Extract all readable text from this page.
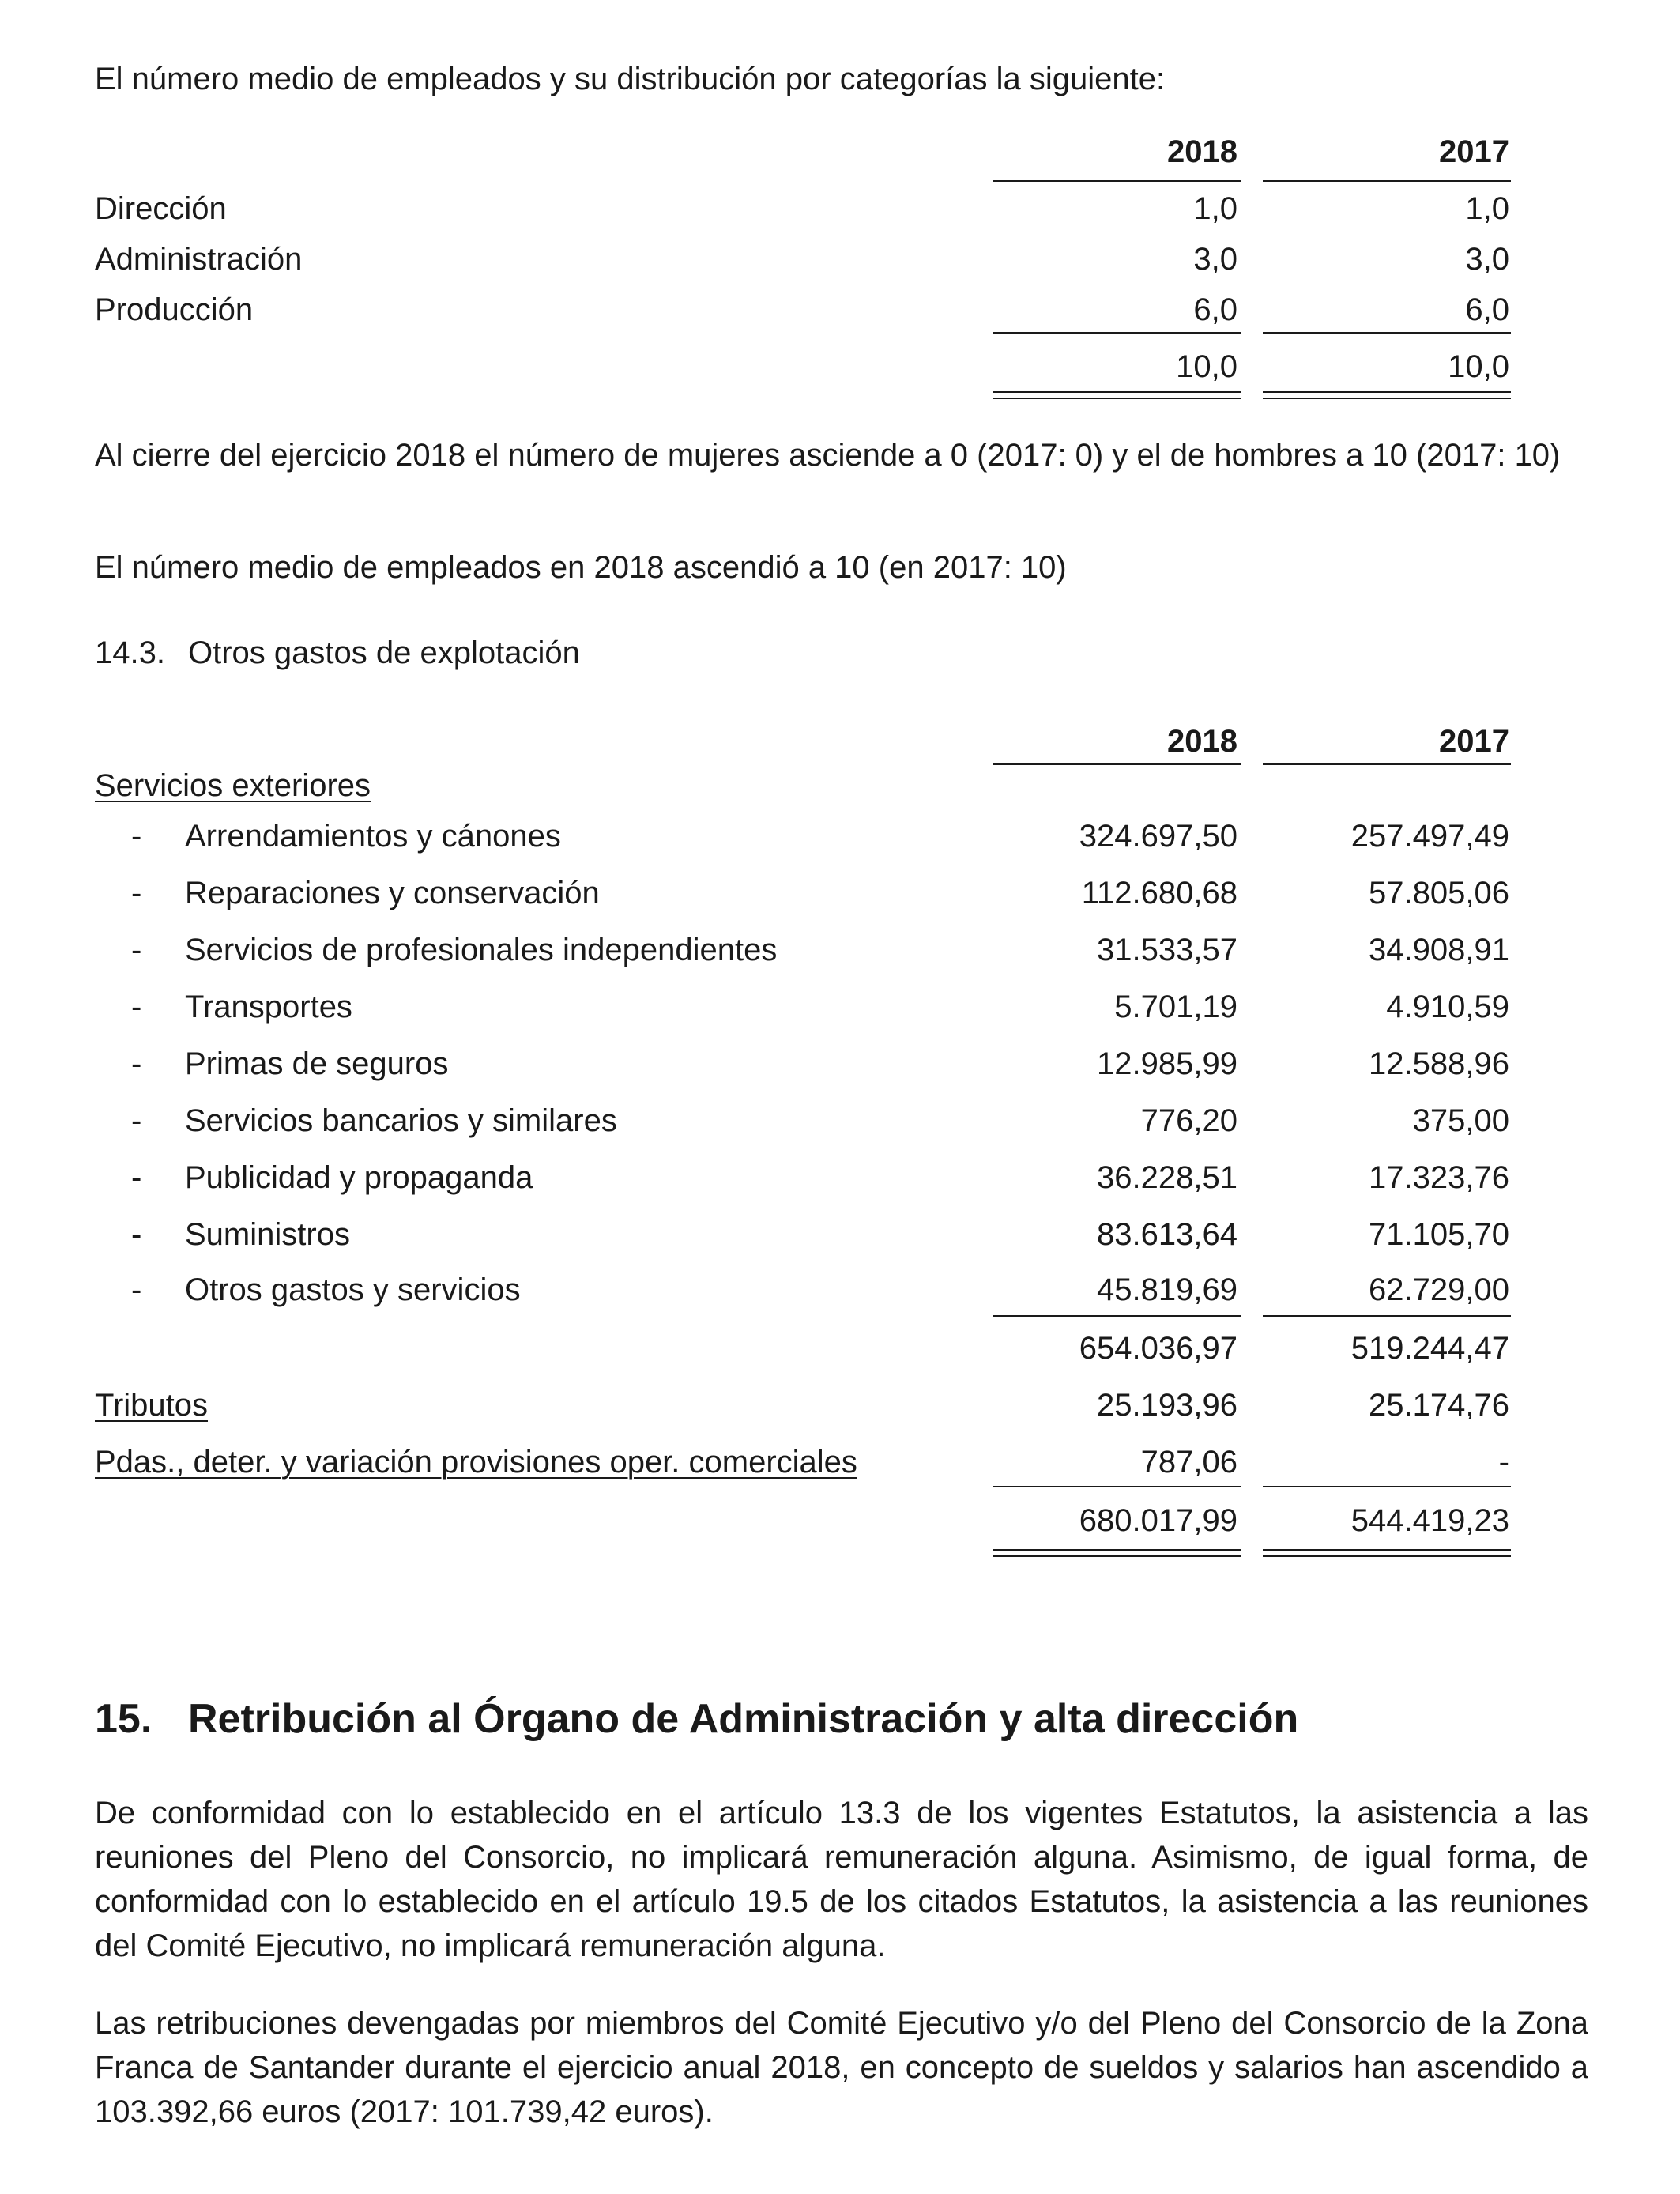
El número medio de empleados y su distribución por categorías la siguiente:

2018	2017
Dirección	1,0	1,0
Administración	3,0	3,0
Producción	6,0	6,0
10,0	10,0

Al cierre del ejercicio 2018 el número de mujeres asciende a 0 (2017: 0) y el de hombres a 10 (2017: 10)

El número medio de empleados en 2018 ascendió a 10 (en 2017: 10)

14.3. Otros gastos de explotación
2018	2017
Servicios exteriores
- Arrendamientos y cánones	324.697,50	257.497,49
- Reparaciones y conservación	112.680,68	57.805,06
- Servicios de profesionales independientes	31.533,57	34.908,91
- Transportes	5.701,19	4.910,59
- Primas de seguros	12.985,99	12.588,96
- Servicios bancarios y similares	776,20	375,00
- Publicidad y propaganda	36.228,51	17.323,76
- Suministros	83.613,64	71.105,70
- Otros gastos y servicios	45.819,69	62.729,00
654.036,97	519.244,47
Tributos	25.193,96	25.174,76
Pdas., deter. y variación provisiones oper. comerciales	787,06	-
680.017,99	544.419,23
15. Retribución al Órgano de Administración y alta dirección

De conformidad con lo establecido en el artículo 13.3 de los vigentes Estatutos, la asistencia a las reuniones del Pleno del Consorcio, no implicará remuneración alguna. Asimismo, de igual forma, de conformidad con lo establecido en el artículo 19.5 de los citados Estatutos, la asistencia a las reuniones del Comité Ejecutivo, no implicará remuneración alguna.

Las retribuciones devengadas por miembros del Comité Ejecutivo y/o del Pleno del Consorcio de la Zona Franca de Santander durante el ejercicio anual 2018, en concepto de sueldos y salarios han ascendido a 103.392,66 euros (2017: 101.739,42 euros).
